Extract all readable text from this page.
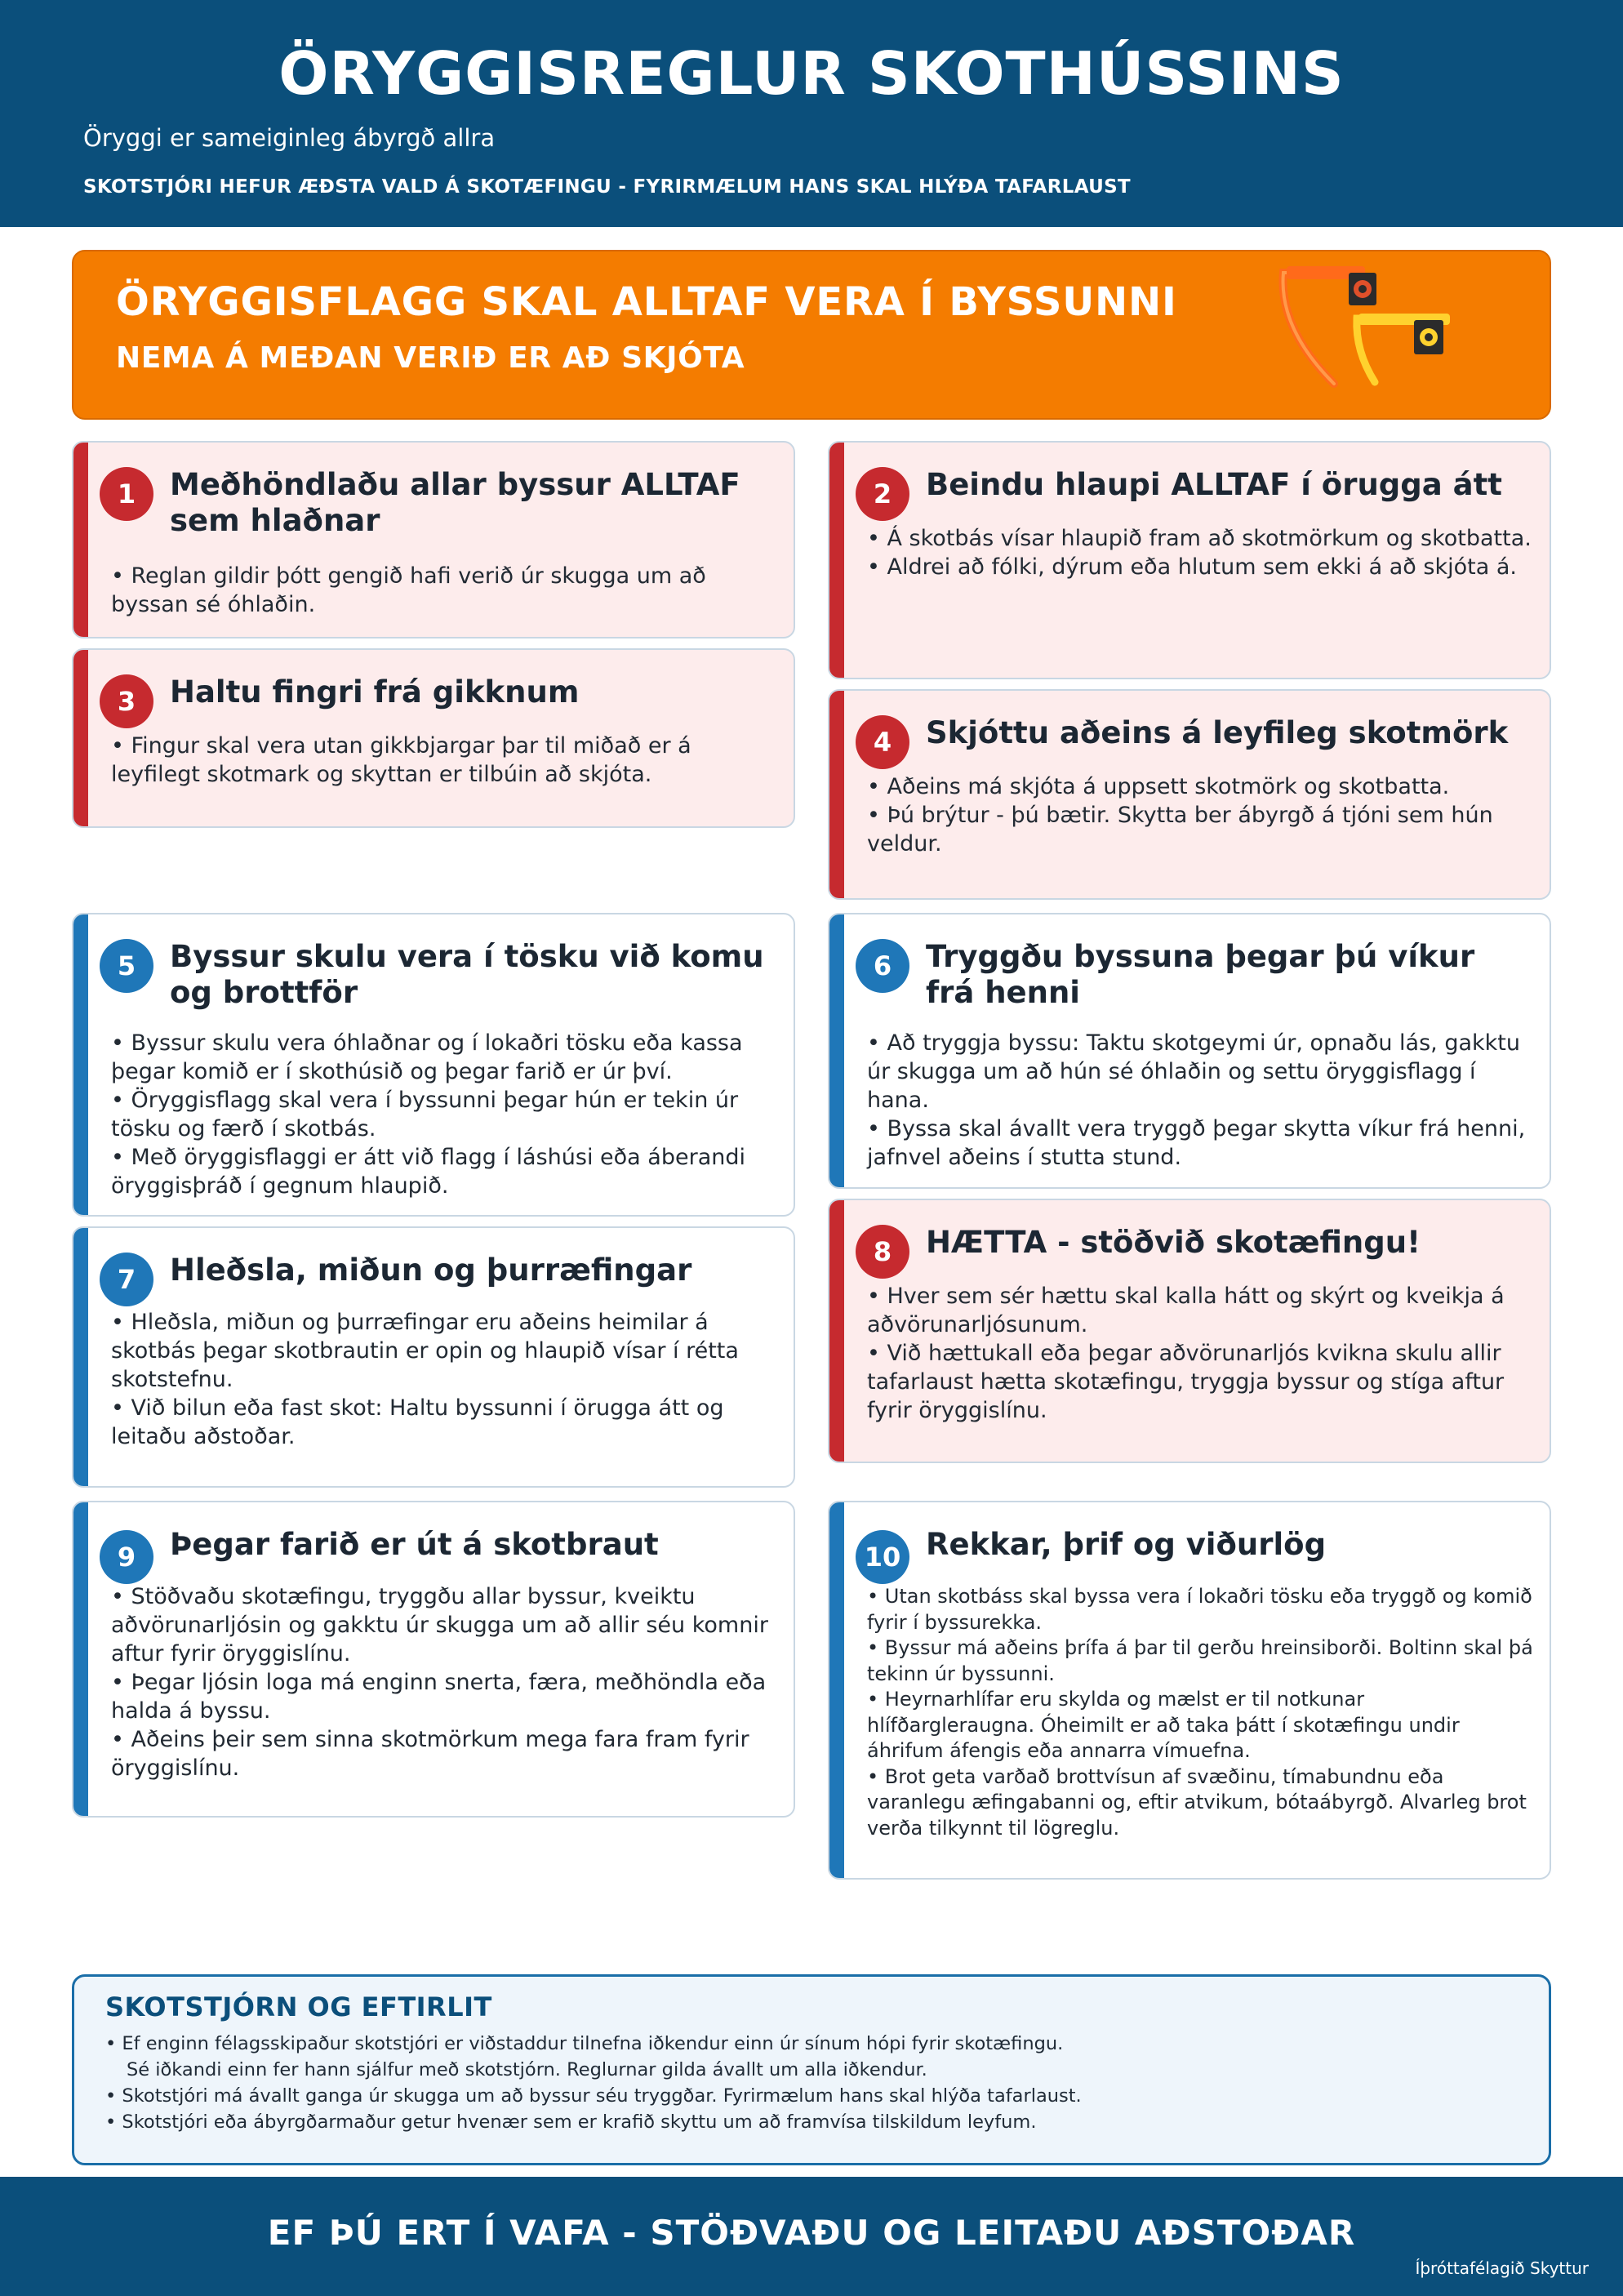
ÖRYGGISREGLUR SKOTHÚSSINS
Öryggi er sameiginleg ábyrgð allra
SKOTSTJÓRI HEFUR ÆÐSTA VALD Á SKOTÆFINGU - FYRIRMÆLUM HANS SKAL HLÝÐA TAFARLAUST
ÖRYGGISFLAGG SKAL ALLTAF VERA Í BYSSUNNI
NEMA Á MEÐAN VERIÐ ER AÐ SKJÓTA
1	Meðhöndlaðu allar byssur ALLTAF sem hlaðnar
• Reglan gildir þótt gengið hafi verið úr skugga um að byssan sé óhlaðin.
2	Beindu hlaupi ALLTAF í örugga átt
• Á skotbás vísar hlaupið fram að skotmörkum og skotbatta.
• Aldrei að fólki, dýrum eða hlutum sem ekki á að skjóta á.
3	Haltu fingri frá gikknum
• Fingur skal vera utan gikkbjargar þar til miðað er á leyfilegt skotmark og skyttan er tilbúin að skjóta.
4	Skjóttu aðeins á leyfileg skotmörk
• Aðeins má skjóta á uppsett skotmörk og skotbatta.
• Þú brýtur - þú bætir. Skytta ber ábyrgð á tjóni sem hún veldur.
5	Byssur skulu vera í tösku við komu og brottför
• Byssur skulu vera óhlaðnar og í lokaðri tösku eða kassa þegar komið er í skothúsið og þegar farið er úr því.
• Öryggisflagg skal vera í byssunni þegar hún er tekin úr tösku og færð í skotbás.
• Með öryggisflaggi er átt við flagg í láshúsi eða áberandi öryggisþráð í gegnum hlaupið.
6	Tryggðu byssuna þegar þú víkur frá henni
• Að tryggja byssu: Taktu skotgeymi úr, opnaðu lás, gakktu úr skugga um að hún sé óhlaðin og settu öryggisflagg í hana.
• Byssa skal ávallt vera tryggð þegar skytta víkur frá henni, jafnvel aðeins í stutta stund.
7	Hleðsla, miðun og þurræfingar
• Hleðsla, miðun og þurræfingar eru aðeins heimilar á skotbás þegar skotbrautin er opin og hlaupið vísar í rétta skotstefnu.
• Við bilun eða fast skot: Haltu byssunni í örugga átt og leitaðu aðstoðar.
8	HÆTTA - stöðvið skotæfingu!
• Hver sem sér hættu skal kalla hátt og skýrt og kveikja á aðvörunarljósunum.
• Við hættukall eða þegar aðvörunarljós kvikna skulu allir tafarlaust hætta skotæfingu, tryggja byssur og stíga aftur fyrir öryggislínu.
9	Þegar farið er út á skotbraut
• Stöðvaðu skotæfingu, tryggðu allar byssur, kveiktu aðvörunarljósin og gakktu úr skugga um að allir séu komnir aftur fyrir öryggislínu.
• Þegar ljósin loga má enginn snerta, færa, meðhöndla eða halda á byssu.
• Aðeins þeir sem sinna skotmörkum mega fara fram fyrir öryggislínu.
10 Rekkar, þrif og viðurlög
• Utan skotbáss skal byssa vera í lokaðri tösku eða tryggð og komið fyrir í byssurekka.
• Byssur má aðeins þrífa á þar til gerðu hreinsiborði. Boltinn skal þá tekinn úr byssunni.
• Heyrnarhlífar eru skylda og mælst er til notkunar hlífðargleraugna. Óheimilt er að taka þátt í skotæfingu undir áhrifum áfengis eða annarra vímuefna.
• Brot geta varðað brottvísun af svæðinu, tímabundnu eða varanlegu æfingabanni og, eftir atvikum, bótaábyrgð. Alvarleg brot verða tilkynnt til lögreglu.
SKOTSTJÓRN OG EFTIRLIT
• Ef enginn félagsskipaður skotstjóri er viðstaddur tilnefna iðkendur einn úr sínum hópi fyrir skotæfingu.
Sé iðkandi einn fer hann sjálfur með skotstjórn. Reglurnar gilda ávallt um alla iðkendur.
• Skotstjóri má ávallt ganga úr skugga um að byssur séu tryggðar. Fyrirmælum hans skal hlýða tafarlaust.
• Skotstjóri eða ábyrgðarmaður getur hvenær sem er krafið skyttu um að framvísa tilskildum leyfum.
EF ÞÚ ERT Í VAFA - STÖÐVAÐU OG LEITAÐU AÐSTOÐAR
Íþróttafélagið Skyttur
